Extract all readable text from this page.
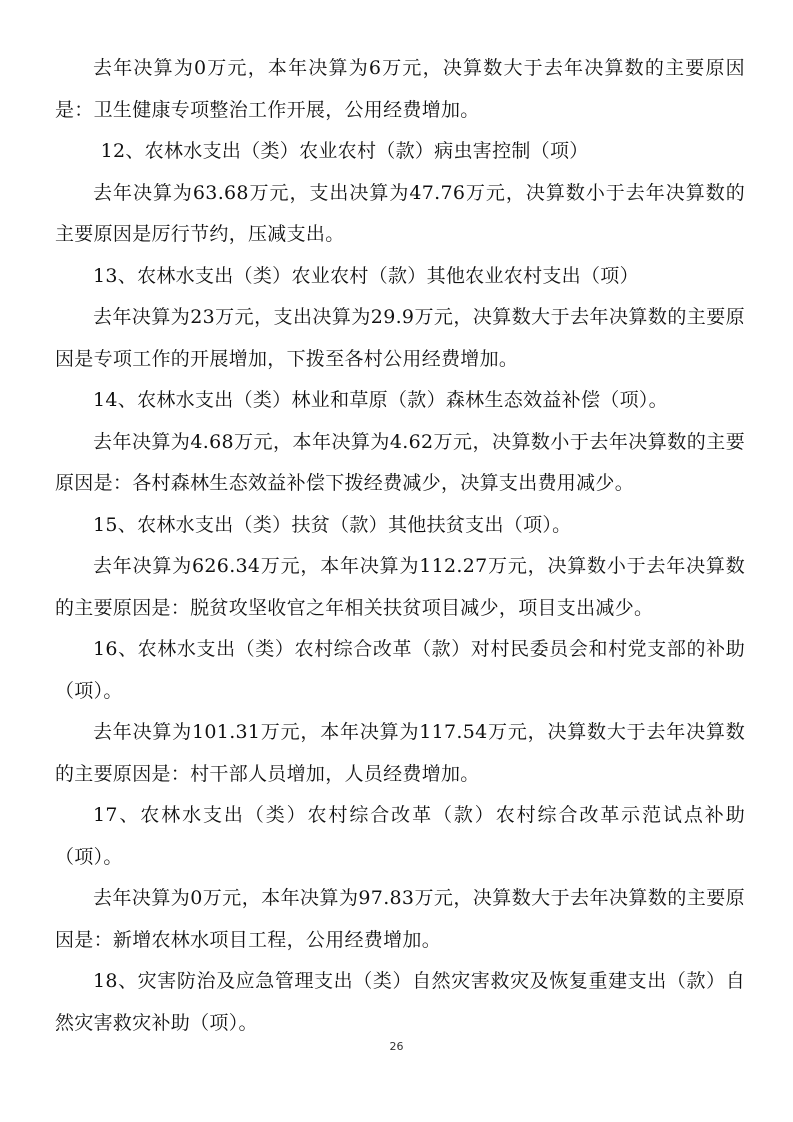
去年决算为0万元，本年决算为6万元，决算数大于去年决算数的主要原因是：卫生健康专项整治工作开展，公用经费增加。

12、农林水支出（类）农业农村（款）病虫害控制（项）

去年决算为63.68万元，支出决算为47.76万元，决算数小于去年决算数的主要原因是厉行节约，压减支出。

13、农林水支出（类）农业农村（款）其他农业农村支出（项）

去年决算为23万元，支出决算为29.9万元，决算数大于去年决算数的主要原因是专项工作的开展增加，下拨至各村公用经费增加。

14、农林水支出（类）林业和草原（款）森林生态效益补偿（项）。

去年决算为4.68万元，本年决算为4.62万元，决算数小于去年决算数的主要原因是：各村森林生态效益补偿下拨经费减少，决算支出费用减少。

15、农林水支出（类）扶贫（款）其他扶贫支出（项）。

去年决算为626.34万元，本年决算为112.27万元，决算数小于去年决算数的主要原因是：脱贫攻坚收官之年相关扶贫项目减少，项目支出减少。

16、农林水支出（类）农村综合改革（款）对村民委员会和村党支部的补助（项）。

去年决算为101.31万元，本年决算为117.54万元，决算数大于去年决算数的主要原因是：村干部人员增加，人员经费增加。

17、农林水支出（类）农村综合改革（款）农村综合改革示范试点补助（项）。

去年决算为0万元，本年决算为97.83万元，决算数大于去年决算数的主要原因是：新增农林水项目工程，公用经费增加。

18、灾害防治及应急管理支出（类）自然灾害救灾及恢复重建支出（款）自然灾害救灾补助（项）。

26
